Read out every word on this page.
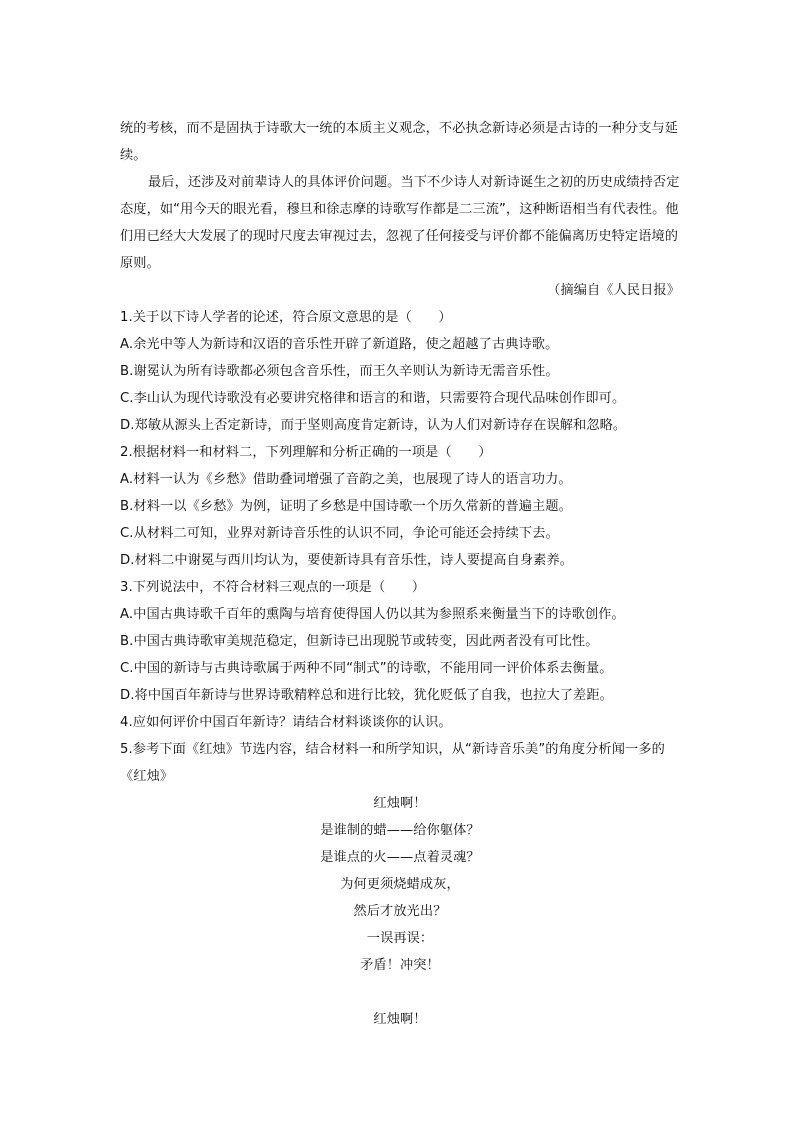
统的考核，而不是固执于诗歌大一统的本质主义观念，不必执念新诗必须是古诗的一种分支与延续。

最后，还涉及对前辈诗人的具体评价问题。当下不少诗人对新诗诞生之初的历史成绩持否定态度，如“用今天的眼光看，穆旦和徐志摩的诗歌写作都是二三流”，这种断语相当有代表性。他们用已经大大发展了的现时尺度去审视过去，忽视了任何接受与评价都不能偏离历史特定语境的原则。

（摘编自《人民日报》

1.关于以下诗人学者的论述，符合原文意思的是（　　）

A.余光中等人为新诗和汉语的音乐性开辟了新道路，使之超越了古典诗歌。

B.谢冕认为所有诗歌都必须包含音乐性，而王久辛则认为新诗无需音乐性。

C.李山认为现代诗歌没有必要讲究格律和语言的和谐，只需要符合现代品味创作即可。

D.郑敏从源头上否定新诗，而于坚则高度肯定新诗，认为人们对新诗存在误解和忽略。

2.根据材料一和材料二，下列理解和分析正确的一项是（　　）

A.材料一认为《乡愁》借助叠词增强了音韵之美，也展现了诗人的语言功力。

B.材料一以《乡愁》为例，证明了乡愁是中国诗歌一个历久常新的普遍主题。

C.从材料二可知，业界对新诗音乐性的认识不同，争论可能还会持续下去。

D.材料二中谢冕与西川均认为，要使新诗具有音乐性，诗人要提高自身素养。

3.下列说法中，不符合材料三观点的一项是（　　）

A.中国古典诗歌千百年的熏陶与培育使得国人仍以其为参照系来衡量当下的诗歌创作。

B.中国古典诗歌审美规范稳定，但新诗已出现脱节或转变，因此两者没有可比性。

C.中国的新诗与古典诗歌属于两种不同“制式”的诗歌，不能用同一评价体系去衡量。

D.将中国百年新诗与世界诗歌精粹总和进行比较，犹化贬低了自我，也拉大了差距。

4.应如何评价中国百年新诗？请结合材料谈谈你的认识。

5.参考下面《红烛》节选内容，结合材料一和所学知识，从“新诗音乐美”的角度分析闻一多的《红烛》

红烛啊！
是谁制的蜡——给你躯体？
是谁点的火——点着灵魂？
为何更须烧蜡成灰，
然后才放光出？
一误再误：
矛盾！冲突！
红烛啊！
